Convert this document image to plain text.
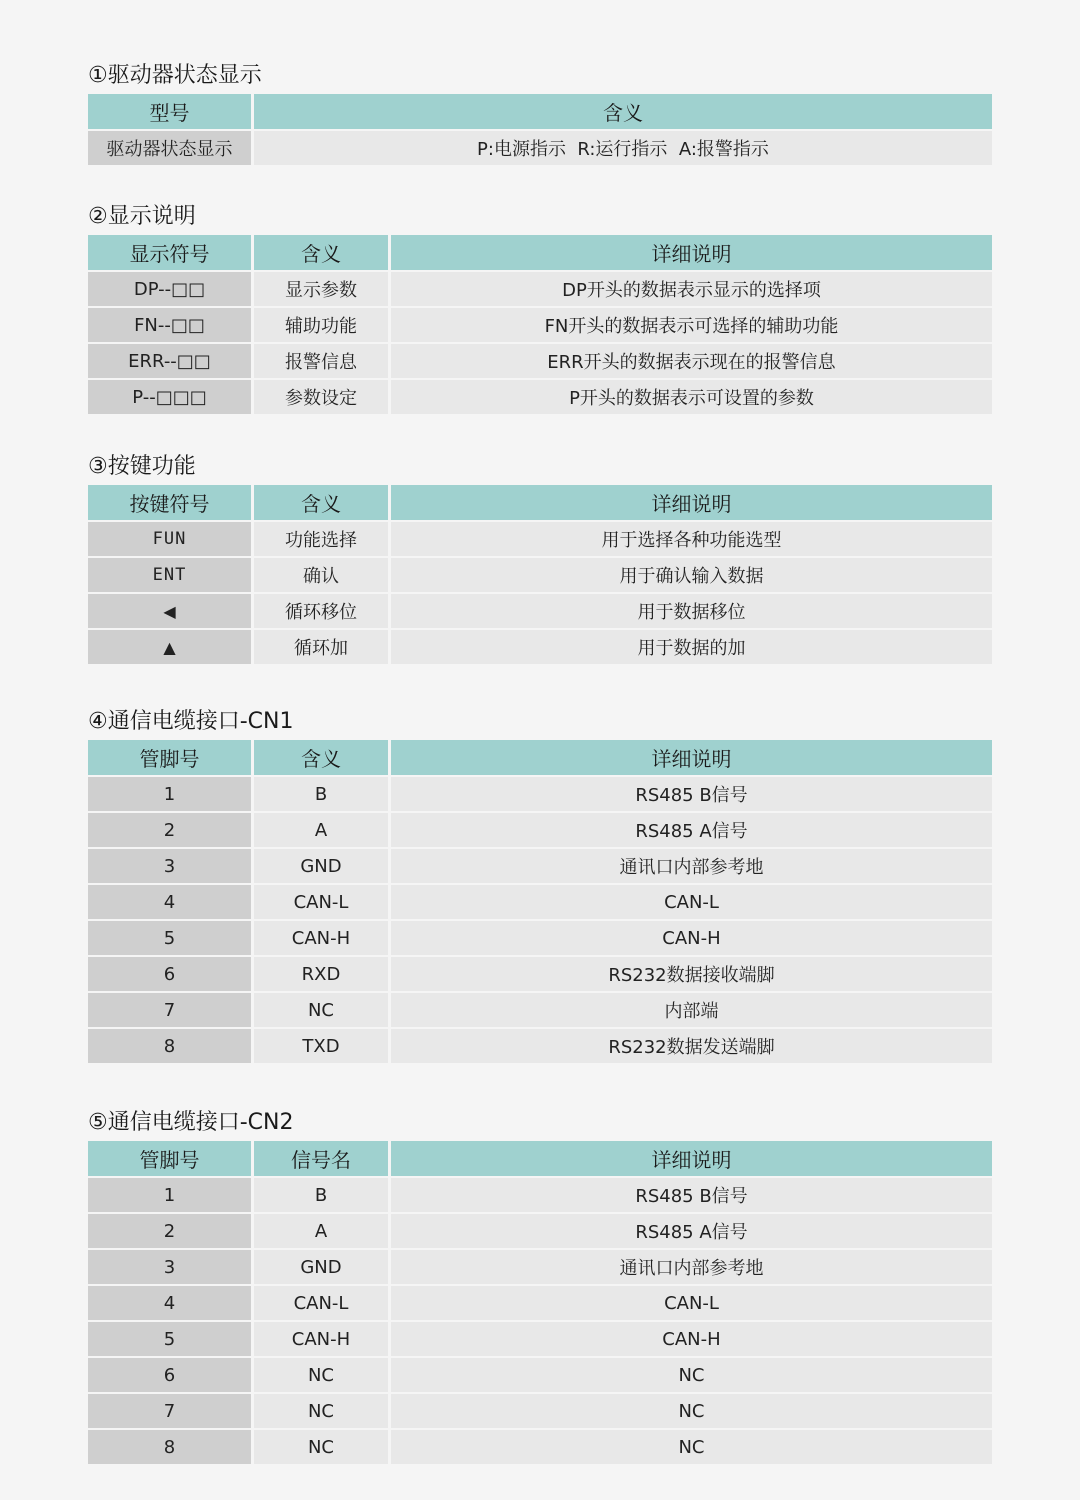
①驱动器状态显示
型号	含义
驱动器状态显示	P:电源指示  R:运行指示  A:报警指示
②显示说明
显示符号	含义	详细说明
DP--□□	显示参数	DP开头的数据表示显示的选择项
FN--□□	辅助功能	FN开头的数据表示可选择的辅助功能
ERR--□□	报警信息	ERR开头的数据表示现在的报警信息
P--□□□	参数设定	P开头的数据表示可设置的参数
③按键功能
按键符号	含义	详细说明
FUN	功能选择	用于选择各种功能选型
ENT	确认	用于确认输入数据
◀	循环移位	用于数据移位
▲	循环加	用于数据的加
④通信电缆接口-CN1
管脚号	含义	详细说明
1	B	RS485 B信号
2	A	RS485 A信号
3	GND	通讯口内部参考地
4	CAN-L	CAN-L
5	CAN-H	CAN-H
6	RXD	RS232数据接收端脚
7	NC	内部端
8	TXD	RS232数据发送端脚
⑤通信电缆接口-CN2
管脚号	信号名	详细说明
1	B	RS485 B信号
2	A	RS485 A信号
3	GND	通讯口内部参考地
4	CAN-L	CAN-L
5	CAN-H	CAN-H
6	NC	NC
7	NC	NC
8	NC	NC
